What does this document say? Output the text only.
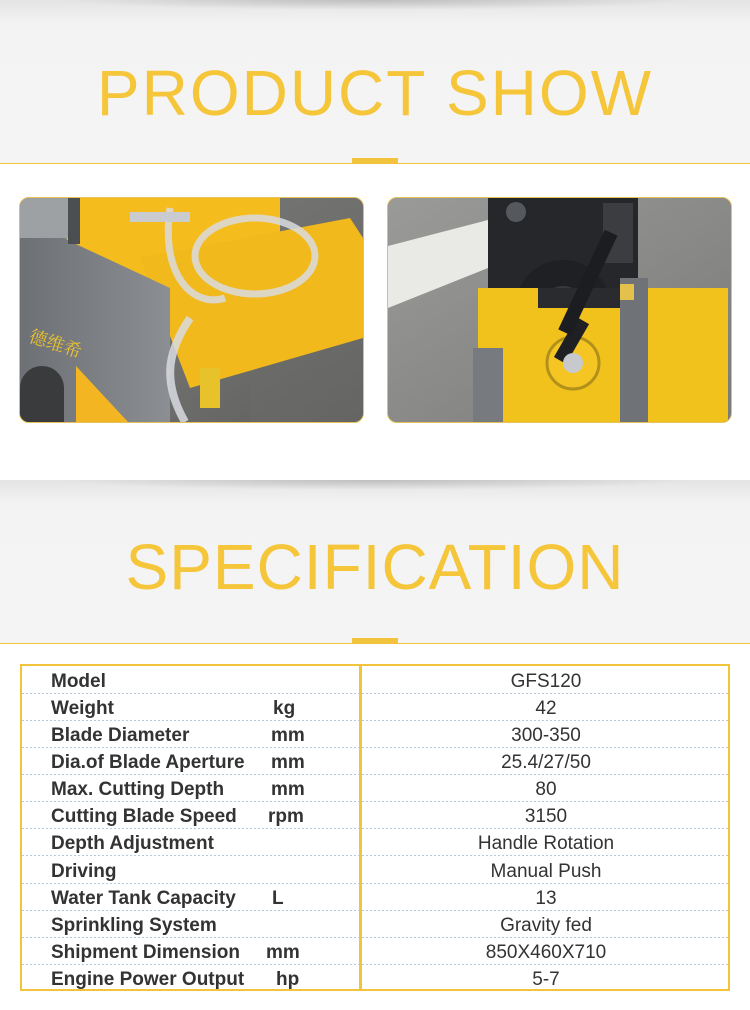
PRODUCT SHOW
德维希
SPECIFICATION
Model	GFS120
Weight	kg	42
Blade Diameter	mm	300-350
Dia.of Blade Aperture mm	25.4/27/50
Max. Cutting Depth mm	80
Cutting Blade Speed rpm	3150
Depth Adjustment	Handle Rotation
Driving	Manual Push
Water Tank Capacity L	13
Sprinkling System	Gravity fed
Shipment Dimension mm	850X460X710
Engine Power Output hp	5-7
